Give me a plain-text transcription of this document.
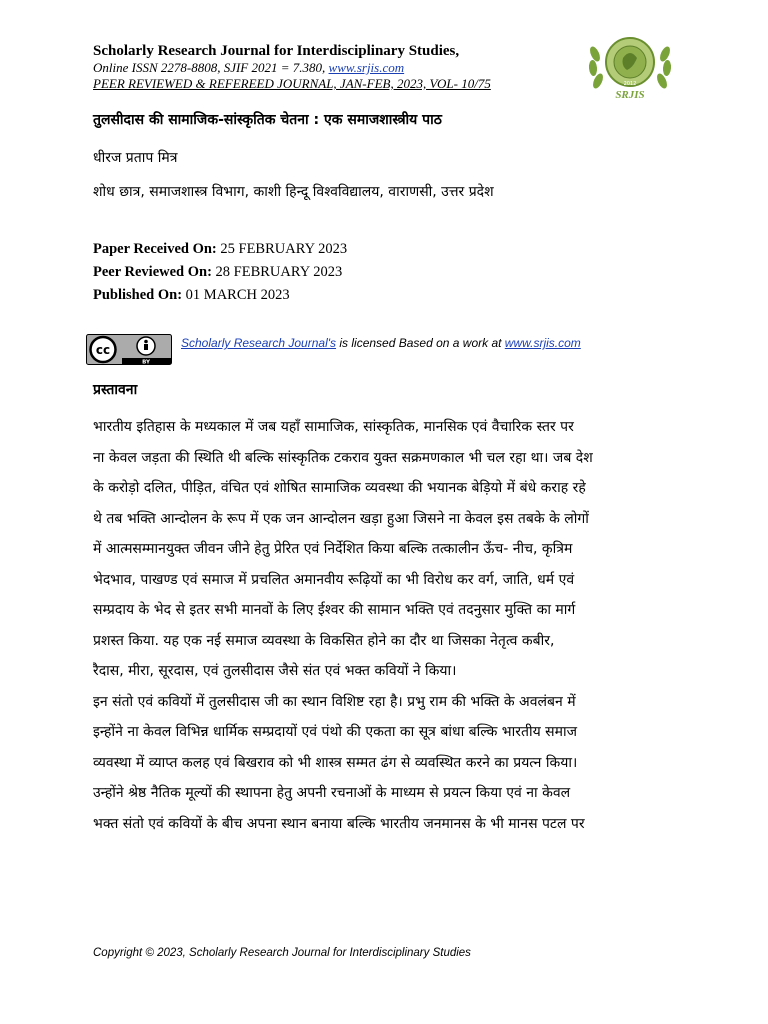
Scholarly Research Journal for Interdisciplinary Studies,
Online ISSN 2278-8808, SJIF 2021 = 7.380, www.srjis.com
PEER REVIEWED & REFEREED JOURNAL, JAN-FEB, 2023, VOL- 10/75	2012
SRJIS
तुलसीदास की सामाजिक-सांस्कृतिक चेतना : एक समाजशास्त्रीय पाठ
धीरज प्रताप मित्र
शोध छात्र, समाजशास्त्र विभाग, काशी हिन्दू विश्वविद्यालय, वाराणसी, उत्तर प्रदेश
Paper Received On: 25 FEBRUARY 2023
Peer Reviewed On: 28 FEBRUARY 2023
Published On: 01 MARCH 2023
cc
BY
Scholarly Research Journal's is licensed Based on a work at www.srjis.com
प्रस्तावना
भारतीय इतिहास के मध्यकाल में जब यहाँ सामाजिक, सांस्कृतिक, मानसिक एवं वैचारिक स्तर पर
ना केवल जड़ता की स्थिति थी बल्कि सांस्कृतिक टकराव युक्त सक्रमणकाल भी चल रहा था। जब देश
के करोड़ो दलित, पीड़ित, वंचित एवं शोषित सामाजिक व्यवस्था की भयानक बेड़ियो में बंधे कराह रहे
थे तब भक्ति आन्दोलन के रूप में एक जन आन्दोलन खड़ा हुआ जिसने ना केवल इस तबके के लोगों
में आत्मसम्मानयुक्त जीवन जीने हेतु प्रेरित एवं निर्देशित किया बल्कि तत्कालीन ऊँच- नीच, कृत्रिम
भेदभाव, पाखण्ड एवं समाज में प्रचलित अमानवीय रूढ़ियों का भी विरोध कर वर्ग, जाति, धर्म एवं
सम्प्रदाय के भेद से इतर सभी मानवों के लिए ईश्वर की सामान भक्ति एवं तदनुसार मुक्ति का मार्ग
प्रशस्त किया. यह एक नई समाज व्यवस्था के विकसित होने का दौर था जिसका नेतृत्व कबीर,
रैदास, मीरा, सूरदास, एवं तुलसीदास जैसे संत एवं भक्त कवियों ने किया।
इन संतो एवं कवियों में तुलसीदास जी का स्थान विशिष्ट रहा है। प्रभु राम की भक्ति के अवलंबन में
इन्होंने ना केवल विभिन्न धार्मिक सम्प्रदायों एवं पंथो की एकता का सूत्र बांधा बल्कि भारतीय समाज
व्यवस्था में व्याप्त कलह एवं बिखराव को भी शास्त्र सम्मत ढंग से व्यवस्थित करने का प्रयत्न किया।
उन्होंने श्रेष्ठ नैतिक मूल्यों की स्थापना हेतु अपनी रचनाओं के माध्यम से प्रयत्न किया एवं ना केवल
भक्त संतो एवं कवियों के बीच अपना स्थान बनाया बल्कि भारतीय जनमानस के भी मानस पटल पर
Copyright © 2023, Scholarly Research Journal for Interdisciplinary Studies
